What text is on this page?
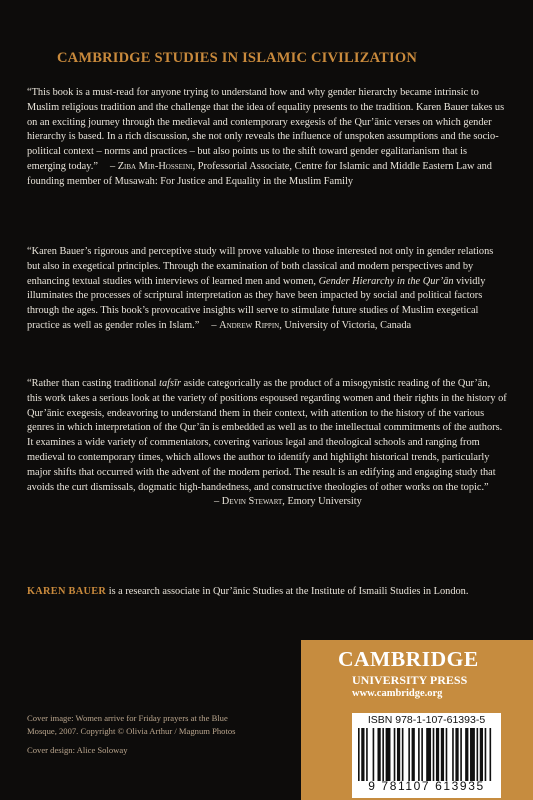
CAMBRIDGE STUDIES IN ISLAMIC CIVILIZATION

“ This book is a must-read for anyone trying to understand how and why gender hierarchy became intrinsic to Muslim religious tradition and the challenge that the idea of equality presents to the tradition. Karen Bauer takes us on an exciting journey through the medieval and contemporary exegesis of the Qur’ānic verses on which gender hierarchy is based. In a rich discussion, she not only reveals the influence of unspoken assumptions and the socio-political context – norms and practices – but also points us to the shift toward gender egalitarianism that is emerging today. ” – Ziba Mir-Hosseini, Professorial Associate, Centre for Islamic and Middle Eastern Law and founding member of Musawah: For Justice and Equality in the Muslim Family

“ Karen Bauer’s rigorous and perceptive study will prove valuable to those interested not only in gender relations but also in exegetical principles. Through the examination of both classical and modern perspectives and by enhancing textual studies with interviews of learned men and women, Gender Hierarchy in the Qur’ān vividly illuminates the processes of scriptural interpretation as they have been impacted by social and political factors through the ages. This book’s provocative insights will serve to stimulate future studies of Muslim exegetical practice as well as gender roles in Islam. ” – Andrew Rippin, University of Victoria, Canada

“ Rather than casting traditional tafsīr aside categorically as the product of a misogynistic reading of the Qur’ān, this work takes a serious look at the variety of positions espoused regarding women and their rights in the history of Qur’ānic exegesis, endeavoring to understand them in their context, with attention to the history of the various genres in which interpretation of the Qur’ān is embedded as well as to the intellectual commitments of the authors. It examines a wide variety of commentators, covering various legal and theological schools and ranging from medieval to contemporary times, which allows the author to identify and highlight historical trends, particularly major shifts that occurred with the advent of the modern period. The result is an edifying and engaging study that avoids the curt dismissals, dogmatic high-handedness, and constructive theologies of other works on the topic. ”
– Devin Stewart, Emory University

KAREN BAUER is a research associate in Qur’ānic Studies at the Institute of Ismaili Studies in London.

Cover image: Women arrive for Friday prayers at the Blue Mosque, 2007. Copyright © Olivia Arthur / Magnum Photos

Cover design: Alice Soloway

CAMBRIDGE
UNIVERSITY PRESS
www.cambridge.org
ISBN 978-1-107-61393-5
9 781107 613935
